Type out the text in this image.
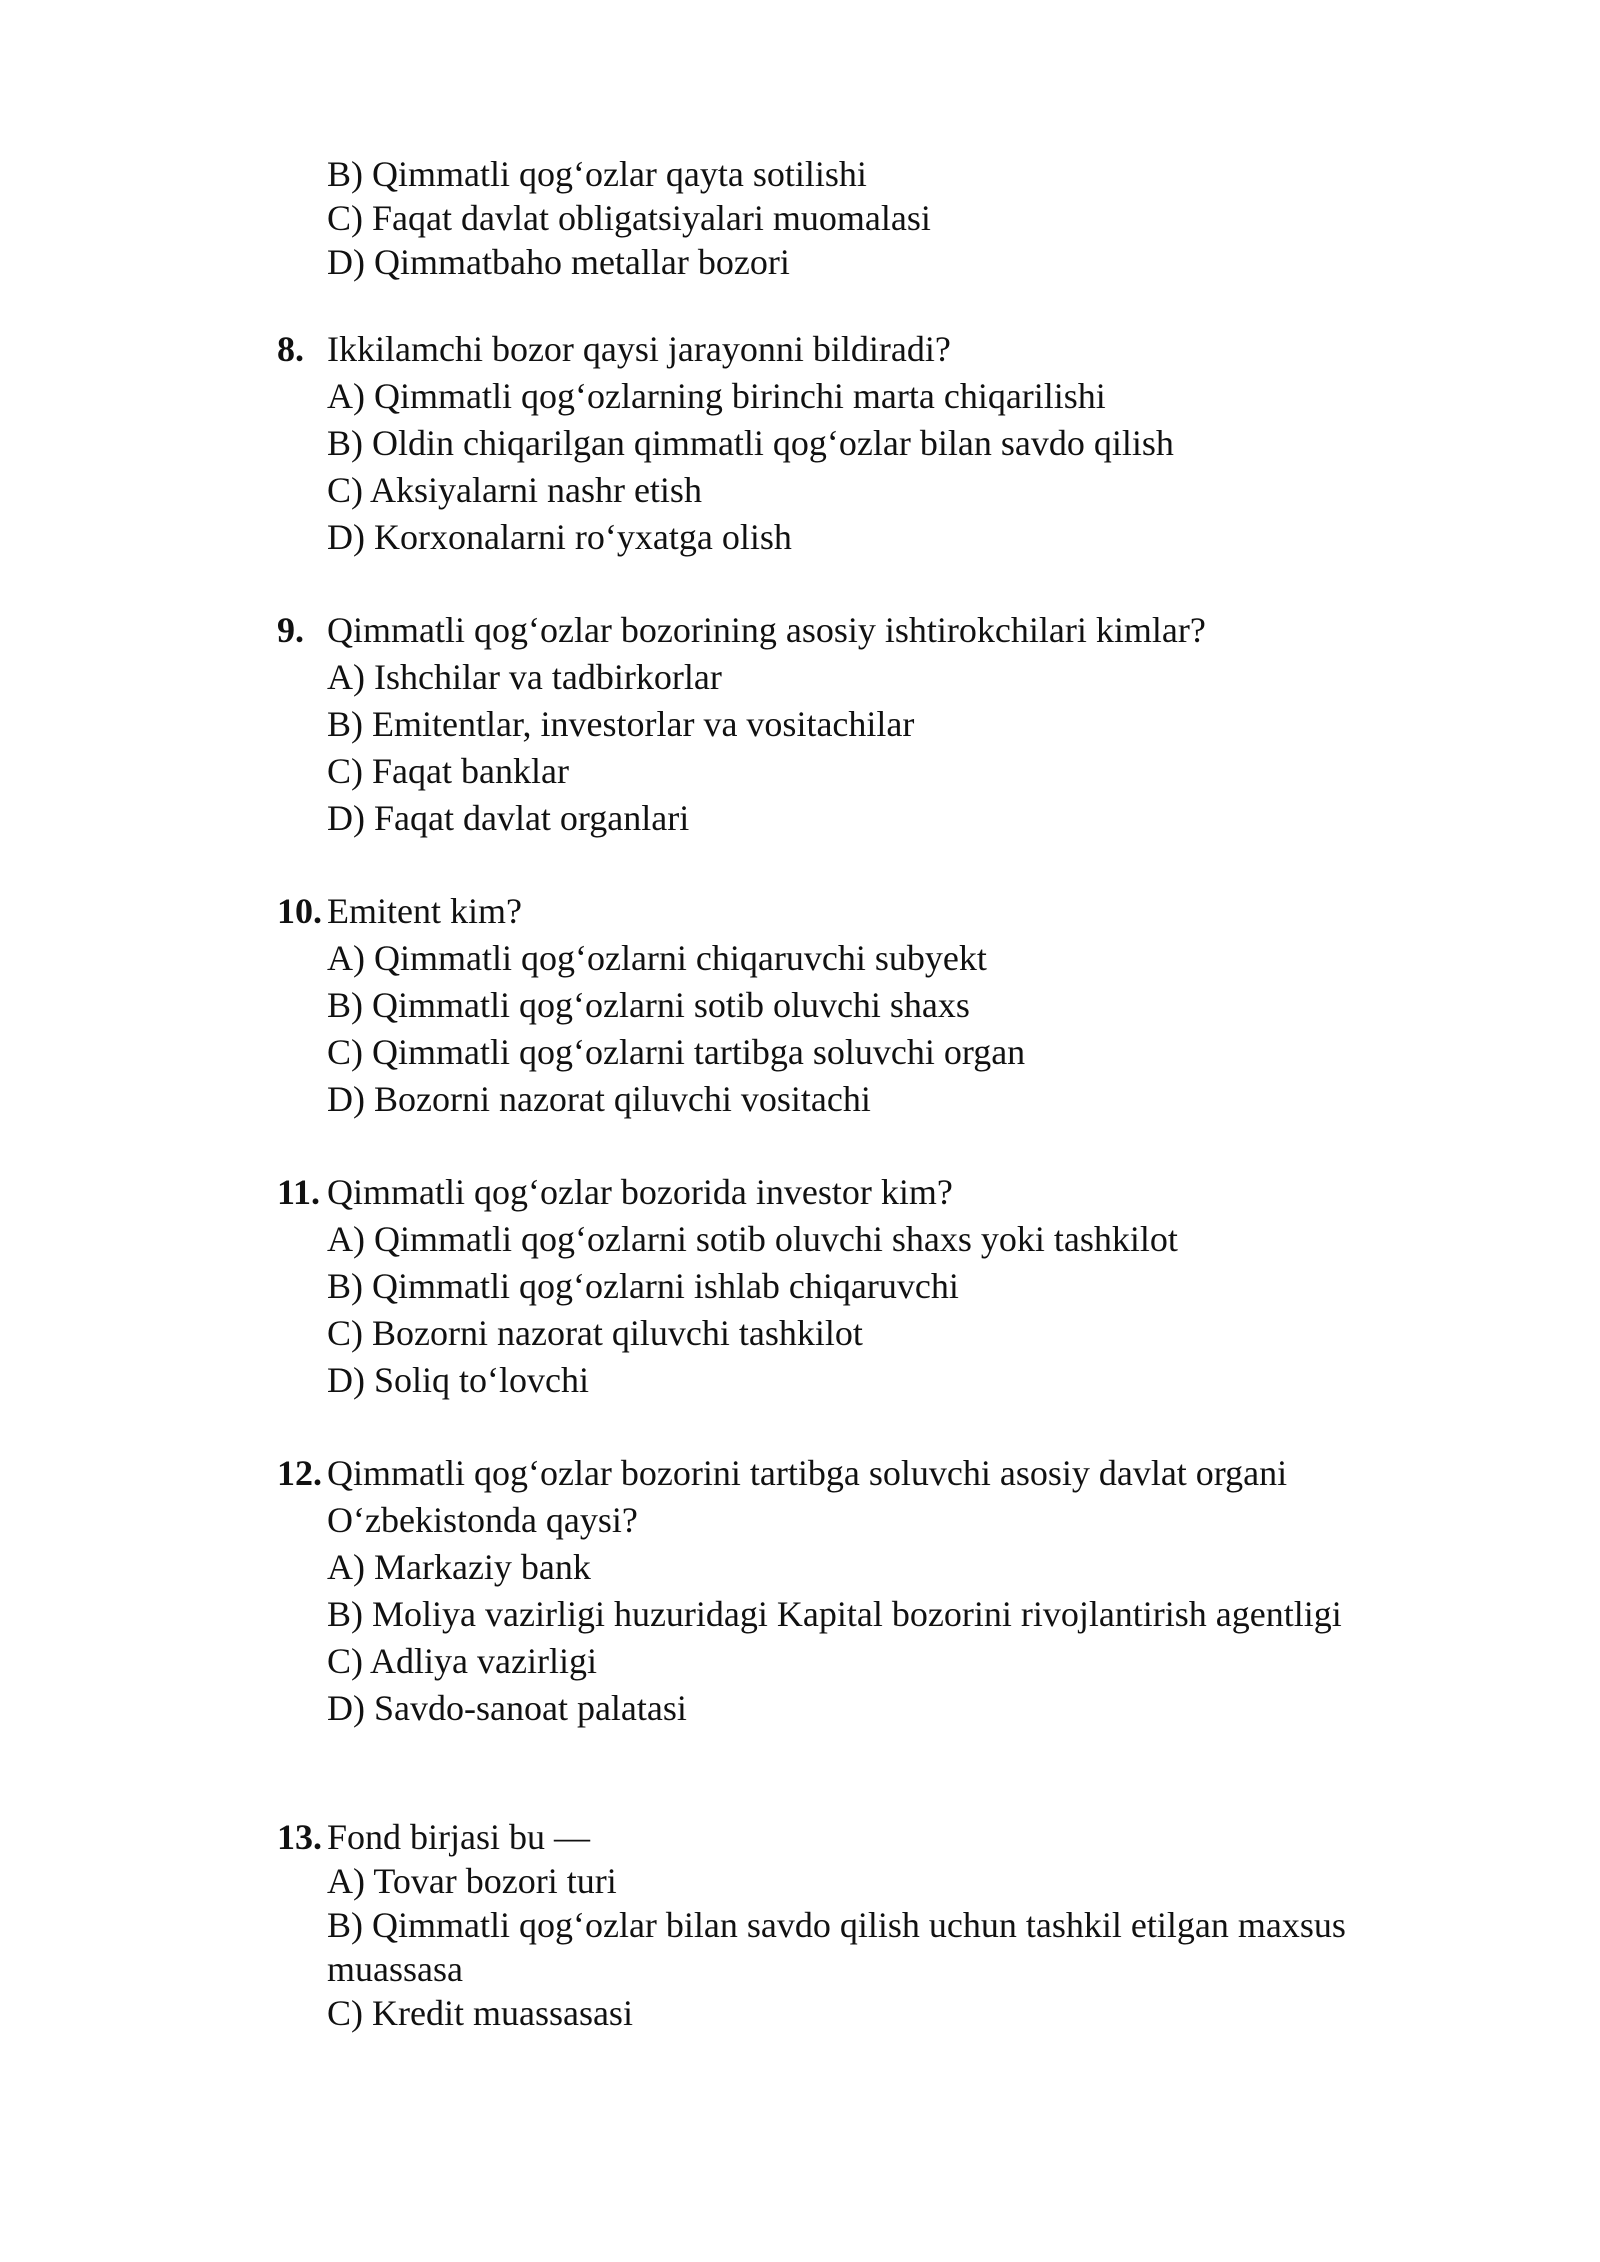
B) Qimmatli qog‘ozlar qayta sotilishi
C) Faqat davlat obligatsiyalari muomalasi
D) Qimmatbaho metallar bozori
8. Ikkilamchi bozor qaysi jarayonni bildiradi?
A) Qimmatli qog‘ozlarning birinchi marta chiqarilishi
B) Oldin chiqarilgan qimmatli qog‘ozlar bilan savdo qilish
C) Aksiyalarni nashr etish
D) Korxonalarni ro‘yxatga olish
9. Qimmatli qog‘ozlar bozorining asosiy ishtirokchilari kimlar?
A) Ishchilar va tadbirkorlar
B) Emitentlar, investorlar va vositachilar
C) Faqat banklar
D) Faqat davlat organlari
10. Emitent kim?
A) Qimmatli qog‘ozlarni chiqaruvchi subyekt
B) Qimmatli qog‘ozlarni sotib oluvchi shaxs
C) Qimmatli qog‘ozlarni tartibga soluvchi organ
D) Bozorni nazorat qiluvchi vositachi
11. Qimmatli qog‘ozlar bozorida investor kim?
A) Qimmatli qog‘ozlarni sotib oluvchi shaxs yoki tashkilot
B) Qimmatli qog‘ozlarni ishlab chiqaruvchi
C) Bozorni nazorat qiluvchi tashkilot
D) Soliq to‘lovchi
12. Qimmatli qog‘ozlar bozorini tartibga soluvchi asosiy davlat organi
O‘zbekistonda qaysi?
A) Markaziy bank
B) Moliya vazirligi huzuridagi Kapital bozorini rivojlantirish agentligi
C) Adliya vazirligi
D) Savdo-sanoat palatasi
13. Fond birjasi bu —
A) Tovar bozori turi
B) Qimmatli qog‘ozlar bilan savdo qilish uchun tashkil etilgan maxsus
muassasa
C) Kredit muassasasi
